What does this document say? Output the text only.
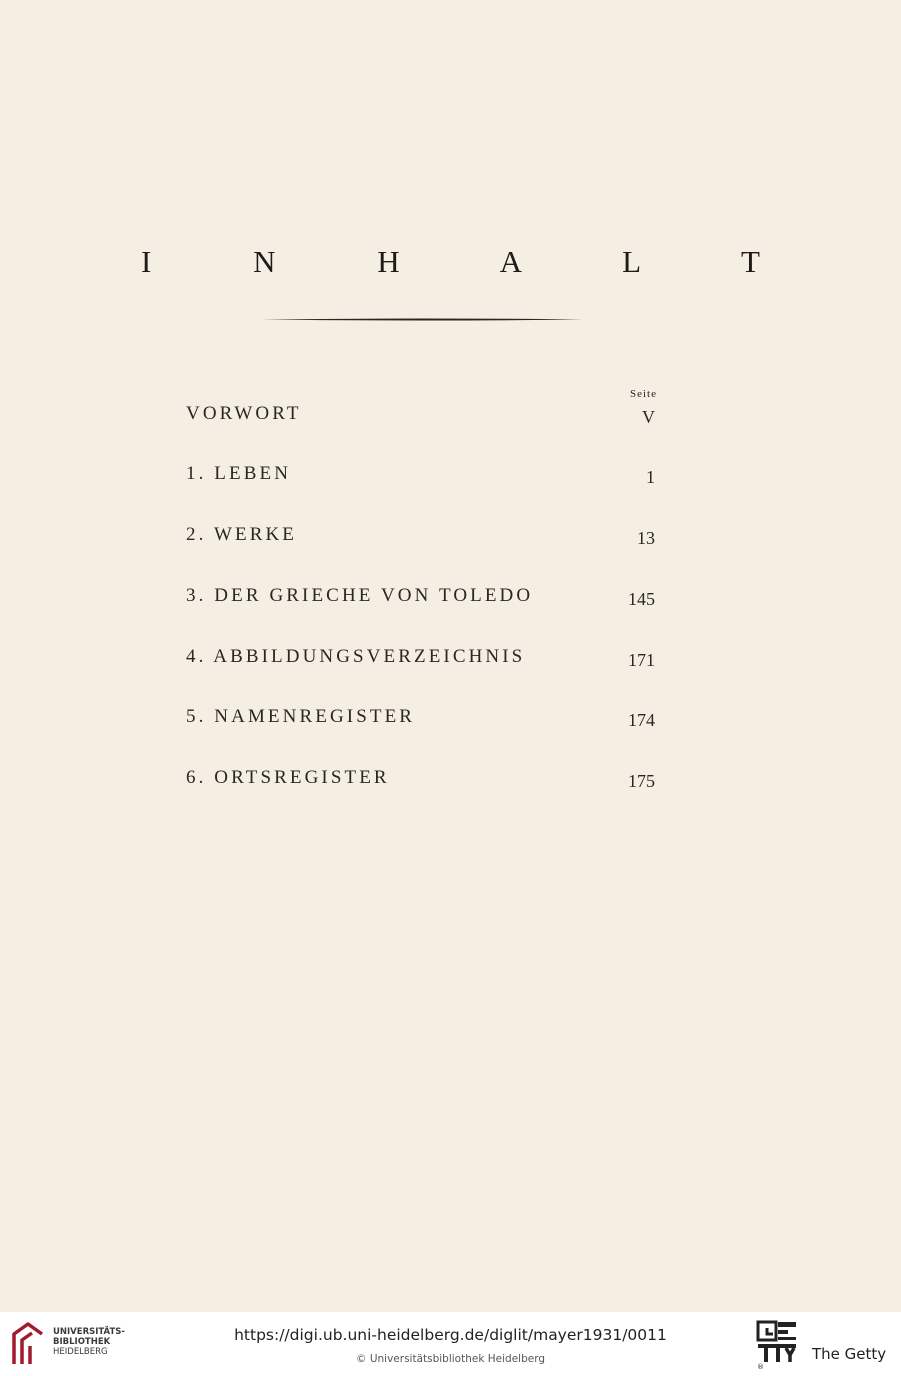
I N H A L T
Seite
VORWORT	V
1. LEBEN	1
2. WERKE	13
3. DER GRIECHE VON TOLEDO	145
4. ABBILDUNGSVERZEICHNIS	171
5. NAMENREGISTER	174
6. ORTSREGISTER	175
UNIVERSITÄTS-
BIBLIOTHEK
HEIDELBERG
https://digi.ub.uni-heidelberg.de/diglit/mayer1931/0011
© Universitätsbibliothek Heidelberg
®
The Getty
